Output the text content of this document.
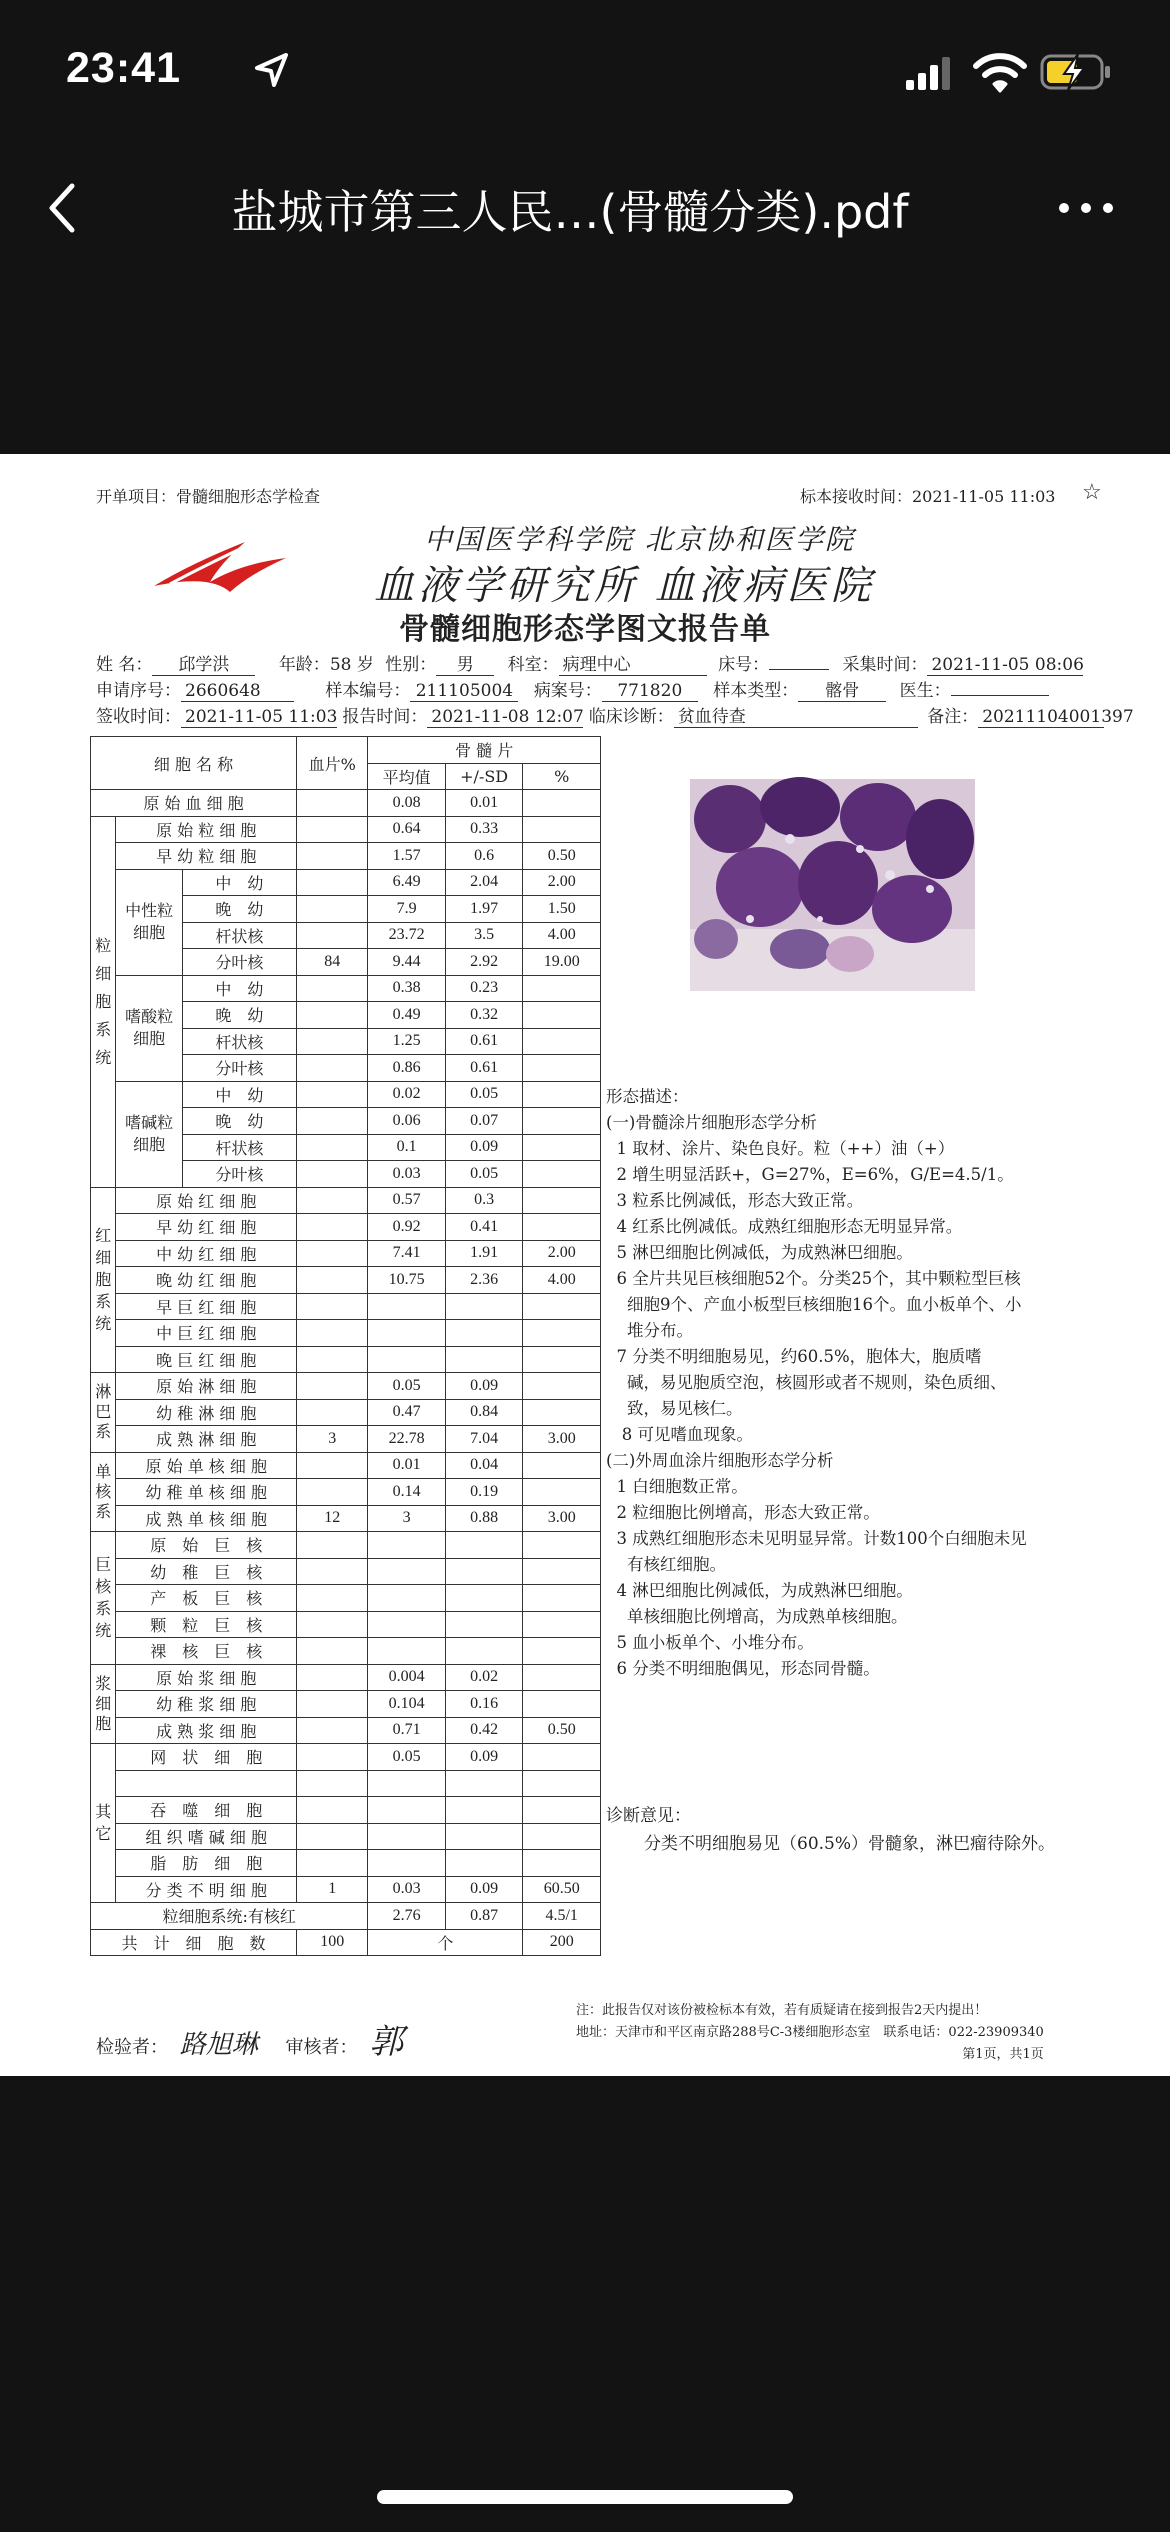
23:41
盐城市第三人民…(骨髓分类).pdf
开单项目：骨髓细胞形态学检查	标本接收时间：2021-11-05 11:03 ☆
中国医学科学院 北京协和医学院
血液学研究所 血液病医院
骨髓细胞形态学图文报告单
姓 名： 邱学洪	年龄：58 岁 性别： 男 科室： 病理中心	床号：	采集时间： 2021-11-05 08:06
申请序号： 2660648	样本编号： 211105004 病案号： 771820 样本类型： 髂骨 医生：
签收时间： 2021-11-05 11:03 报告时间： 2021-11-08 12:07 临床诊断： 贫血待查	备注： 20211104001397
细 胞 名 称			血片%	骨 髓 片		
				平均值	+/-SD	%
原 始 血 细 胞				0.08	0.01	
粒
细
胞
系
统	原 始 粒 细 胞			0.64	0.33	
	早 幼 粒 细 胞			1.57	0.6	0.50
	中性粒
细胞	中　幼		6.49	2.04	2.00
		晚　幼		7.9	1.97	1.50
		杆状核		23.72	3.5	4.00
		分叶核	84	9.44	2.92	19.00
	嗜酸粒
细胞	中　幼		0.38	0.23	
		晚　幼		0.49	0.32	
		杆状核		1.25	0.61	
		分叶核		0.86	0.61	
	嗜碱粒
细胞	中　幼		0.02	0.05	
		晚　幼		0.06	0.07	
		杆状核		0.1	0.09	
		分叶核		0.03	0.05	
红
细
胞
系
统	原 始 红 细 胞			0.57	0.3	
	早 幼 红 细 胞			0.92	0.41	
	中 幼 红 细 胞			7.41	1.91	2.00
	晚 幼 红 细 胞			10.75	2.36	4.00
	早 巨 红 细 胞					
	中 巨 红 细 胞					
	晚 巨 红 细 胞					
淋
巴
系	原 始 淋 细 胞			0.05	0.09	
	幼 稚 淋 细 胞			0.47	0.84	
	成 熟 淋 细 胞		3	22.78	7.04	3.00
单
核
系	原 始 单 核 细 胞			0.01	0.04	
	幼 稚 单 核 细 胞			0.14	0.19	
	成 熟 单 核 细 胞		12	3	0.88	3.00
巨
核
系
统	原　始　巨　核					
	幼　稚　巨　核					
	产　板　巨　核					
	颗　粒　巨　核					
	裸　核　巨　核					
浆
细
胞	原 始 浆 细 胞			0.004	0.02	
	幼 稚 浆 细 胞			0.104	0.16	
	成 熟 浆 细 胞			0.71	0.42	0.50
其
它	网　状　细　胞			0.05	0.09	

	吞　噬　细　胞					
	组 织 嗜 碱 细 胞					
	脂　肪　细　胞					
	分 类 不 明 细 胞		1	0.03	0.09	60.50
粒细胞系统:有核红				2.76	0.87	4.5/1
共　计　细　胞　数			100	个		200
形态描述：
(一)骨髓涂片细胞形态学分析
1 取材、涂片、染色良好。粒（++）油（+）
2 增生明显活跃+，G=27%，E=6%，G/E=4.5/1。
3 粒系比例减低，形态大致正常。
4 红系比例减低。成熟红细胞形态无明显异常。
5 淋巴细胞比例减低，为成熟淋巴细胞。
6 全片共见巨核细胞52个。分类25个，其中颗粒型巨核
细胞9个、产血小板型巨核细胞16个。血小板单个、小
堆分布。
7 分类不明细胞易见，约60.5%，胞体大，胞质嗜
碱，易见胞质空泡，核圆形或者不规则，染色质细、
致，易见核仁。
8 可见嗜血现象。
(二)外周血涂片细胞形态学分析
1 白细胞数正常。
2 粒细胞比例增高，形态大致正常。
3 成熟红细胞形态未见明显异常。计数100个白细胞未见
有核红细胞。
4 淋巴细胞比例减低，为成熟淋巴细胞。
单核细胞比例增高，为成熟单核细胞。
5 血小板单个、小堆分布。
6 分类不明细胞偶见，形态同骨髓。
诊断意见：
分类不明细胞易见（60.5%）骨髓象，淋巴瘤待除外。
检验者： 路旭琳 审核者： 郭
注：此报告仅对该份被检标本有效，若有质疑请在接到报告2天内提出！
地址：天津市和平区南京路288号C-3楼细胞形态室　联系电话：022-23909340
第1页，共1页
